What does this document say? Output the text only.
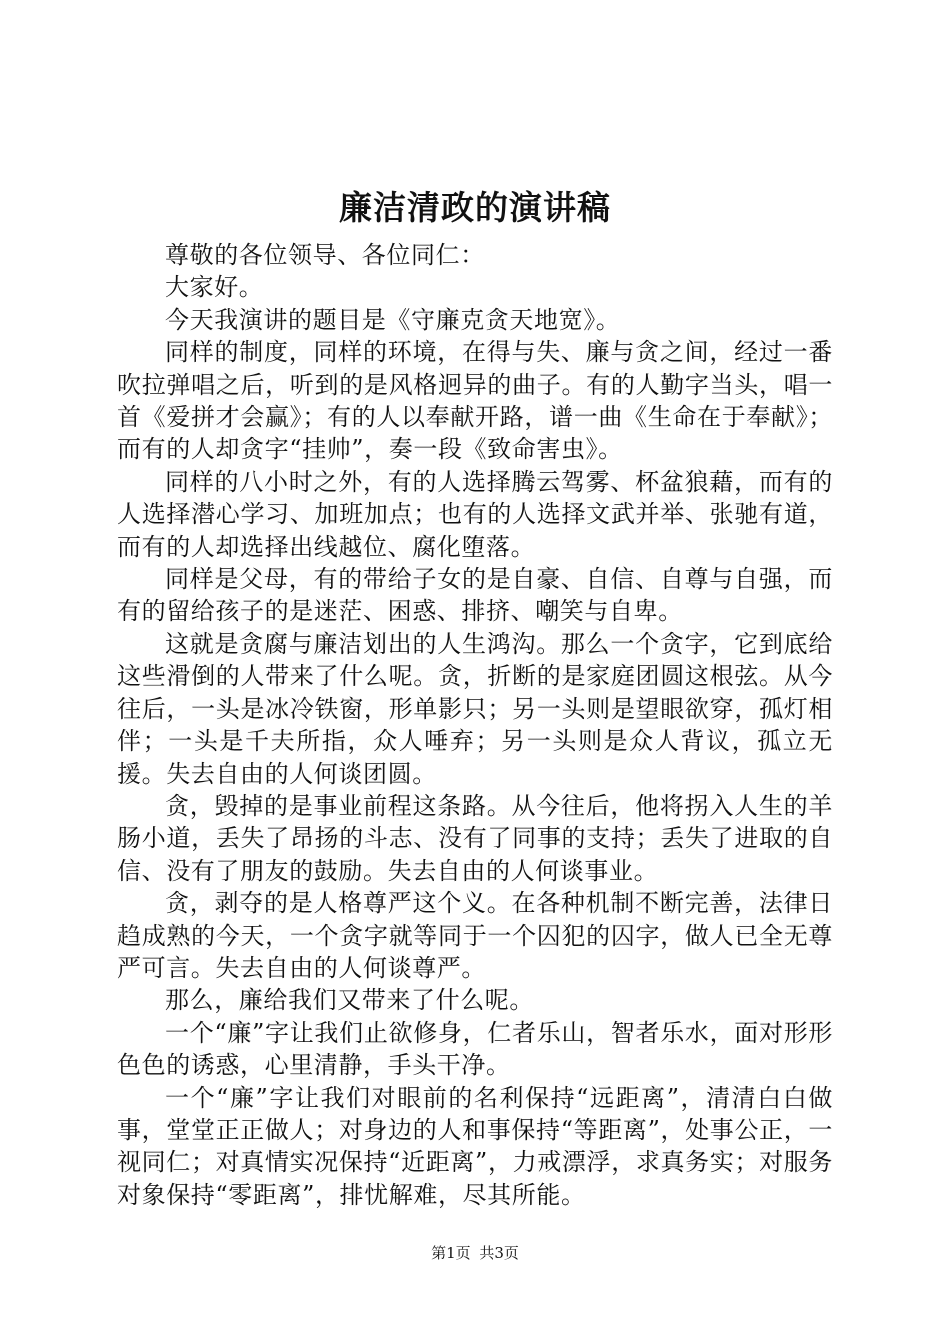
廉洁清政的演讲稿

尊敬的各位领导、各位同仁：

大家好。

今天我演讲的题目是《守廉克贪天地宽》。

同样的制度，同样的环境，在得与失、廉与贪之间，经过一番吹拉弹唱之后，听到的是风格迥异的曲子。有的人勤字当头，唱一首《爱拼才会赢》；有的人以奉献开路，谱一曲《生命在于奉献》；而有的人却贪字“挂帅”，奏一段《致命害虫》。

同样的八小时之外，有的人选择腾云驾雾、杯盆狼藉，而有的人选择潜心学习、加班加点；也有的人选择文武并举、张驰有道，而有的人却选择出线越位、腐化堕落。

同样是父母，有的带给子女的是自豪、自信、自尊与自强，而有的留给孩子的是迷茫、困惑、排挤、嘲笑与自卑。

这就是贪腐与廉洁划出的人生鸿沟。那么一个贪字，它到底给这些滑倒的人带来了什么呢。贪，折断的是家庭团圆这根弦。从今往后，一头是冰冷铁窗，形单影只；另一头则是望眼欲穿，孤灯相伴；一头是千夫所指，众人唾弃；另一头则是众人背议，孤立无援。失去自由的人何谈团圆。

贪，毁掉的是事业前程这条路。从今往后，他将拐入人生的羊肠小道，丢失了昂扬的斗志、没有了同事的支持；丢失了进取的自信、没有了朋友的鼓励。失去自由的人何谈事业。

贪，剥夺的是人格尊严这个义。在各种机制不断完善，法律日趋成熟的今天，一个贪字就等同于一个囚犯的囚字，做人已全无尊严可言。失去自由的人何谈尊严。

那么，廉给我们又带来了什么呢。

一个“廉”字让我们止欲修身，仁者乐山，智者乐水，面对形形色色的诱惑，心里清静，手头干净。

一个“廉”字让我们对眼前的名利保持“远距离”，清清白白做事，堂堂正正做人；对身边的人和事保持“等距离”，处事公正，一视同仁；对真情实况保持“近距离”，力戒漂浮，求真务实；对服务对象保持“零距离”，排忧解难，尽其所能。

第1页 共3页
